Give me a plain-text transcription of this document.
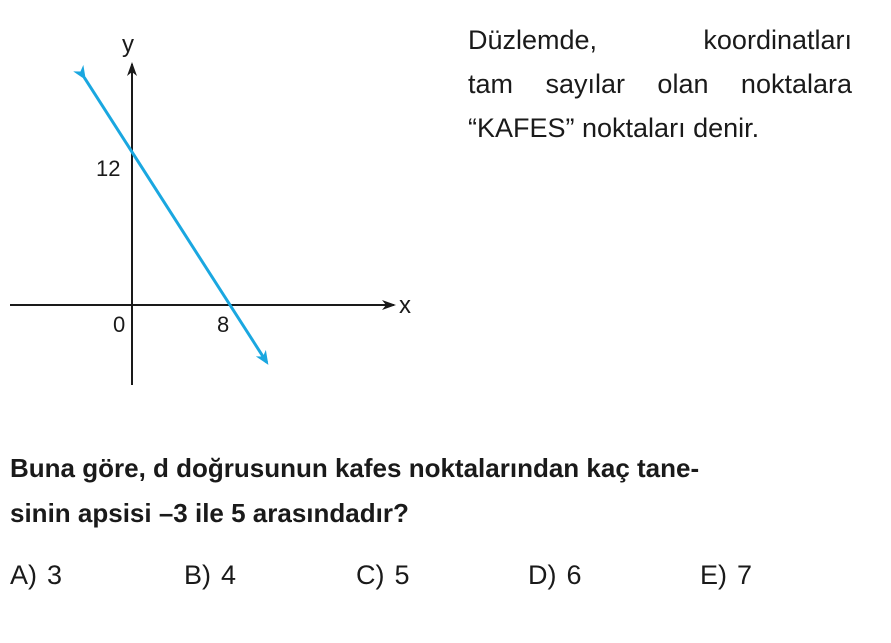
y
x
12
0	8

Düzlemde, koordinatları
tam sayılar olan noktalara
“KAFES” noktaları denir.

Buna göre, d doğrusunun kafes noktalarından kaç tane-
sinin apsisi –3 ile 5 arasındadır?

A) 3	B) 4	C) 5	D) 6	E) 7
